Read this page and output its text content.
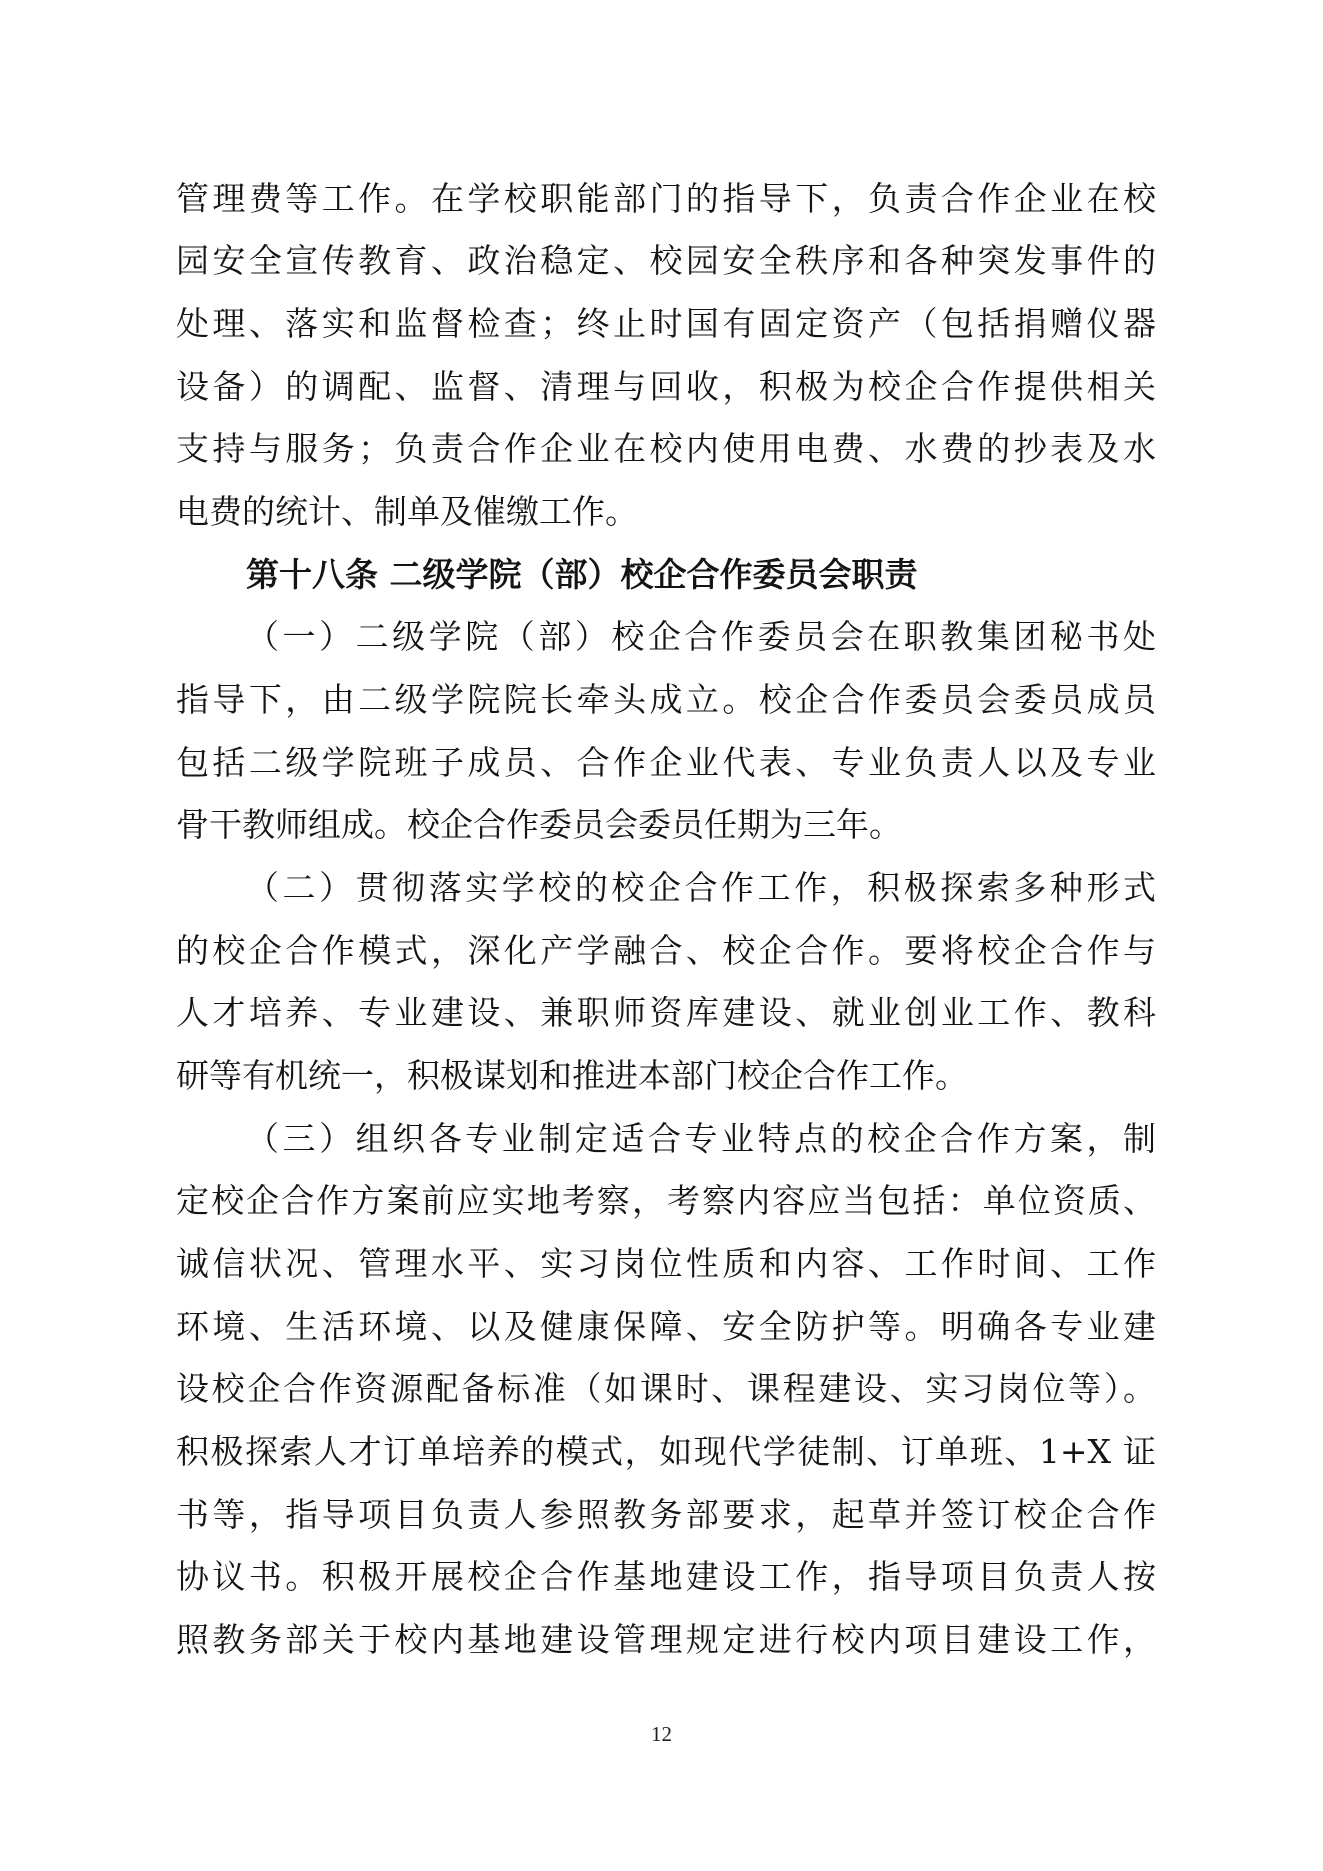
管理费等工作。在学校职能部门的指导下，负责合作企业在校
园安全宣传教育、政治稳定、校园安全秩序和各种突发事件的
处理、落实和监督检查；终止时国有固定资产（包括捐赠仪器
设备）的调配、监督、清理与回收，积极为校企合作提供相关
支持与服务；负责合作企业在校内使用电费、水费的抄表及水
电费的统计、制单及催缴工作。
第十八条 二级学院（部）校企合作委员会职责
（一）二级学院（部）校企合作委员会在职教集团秘书处
指导下，由二级学院院长牵头成立。校企合作委员会委员成员
包括二级学院班子成员、合作企业代表、专业负责人以及专业
骨干教师组成。校企合作委员会委员任期为三年。
（二）贯彻落实学校的校企合作工作，积极探索多种形式
的校企合作模式，深化产学融合、校企合作。要将校企合作与
人才培养、专业建设、兼职师资库建设、就业创业工作、教科
研等有机统一，积极谋划和推进本部门校企合作工作。
（三）组织各专业制定适合专业特点的校企合作方案，制
定校企合作方案前应实地考察，考察内容应当包括：单位资质、
诚信状况、管理水平、实习岗位性质和内容、工作时间、工作
环境、生活环境、以及健康保障、安全防护等。明确各专业建
设校企合作资源配备标准（如课时、课程建设、实习岗位等）。
积极探索人才订单培养的模式，如现代学徒制、订单班、1+X 证
书等，指导项目负责人参照教务部要求，起草并签订校企合作
协议书。积极开展校企合作基地建设工作，指导项目负责人按
照教务部关于校内基地建设管理规定进行校内项目建设工作，
12
